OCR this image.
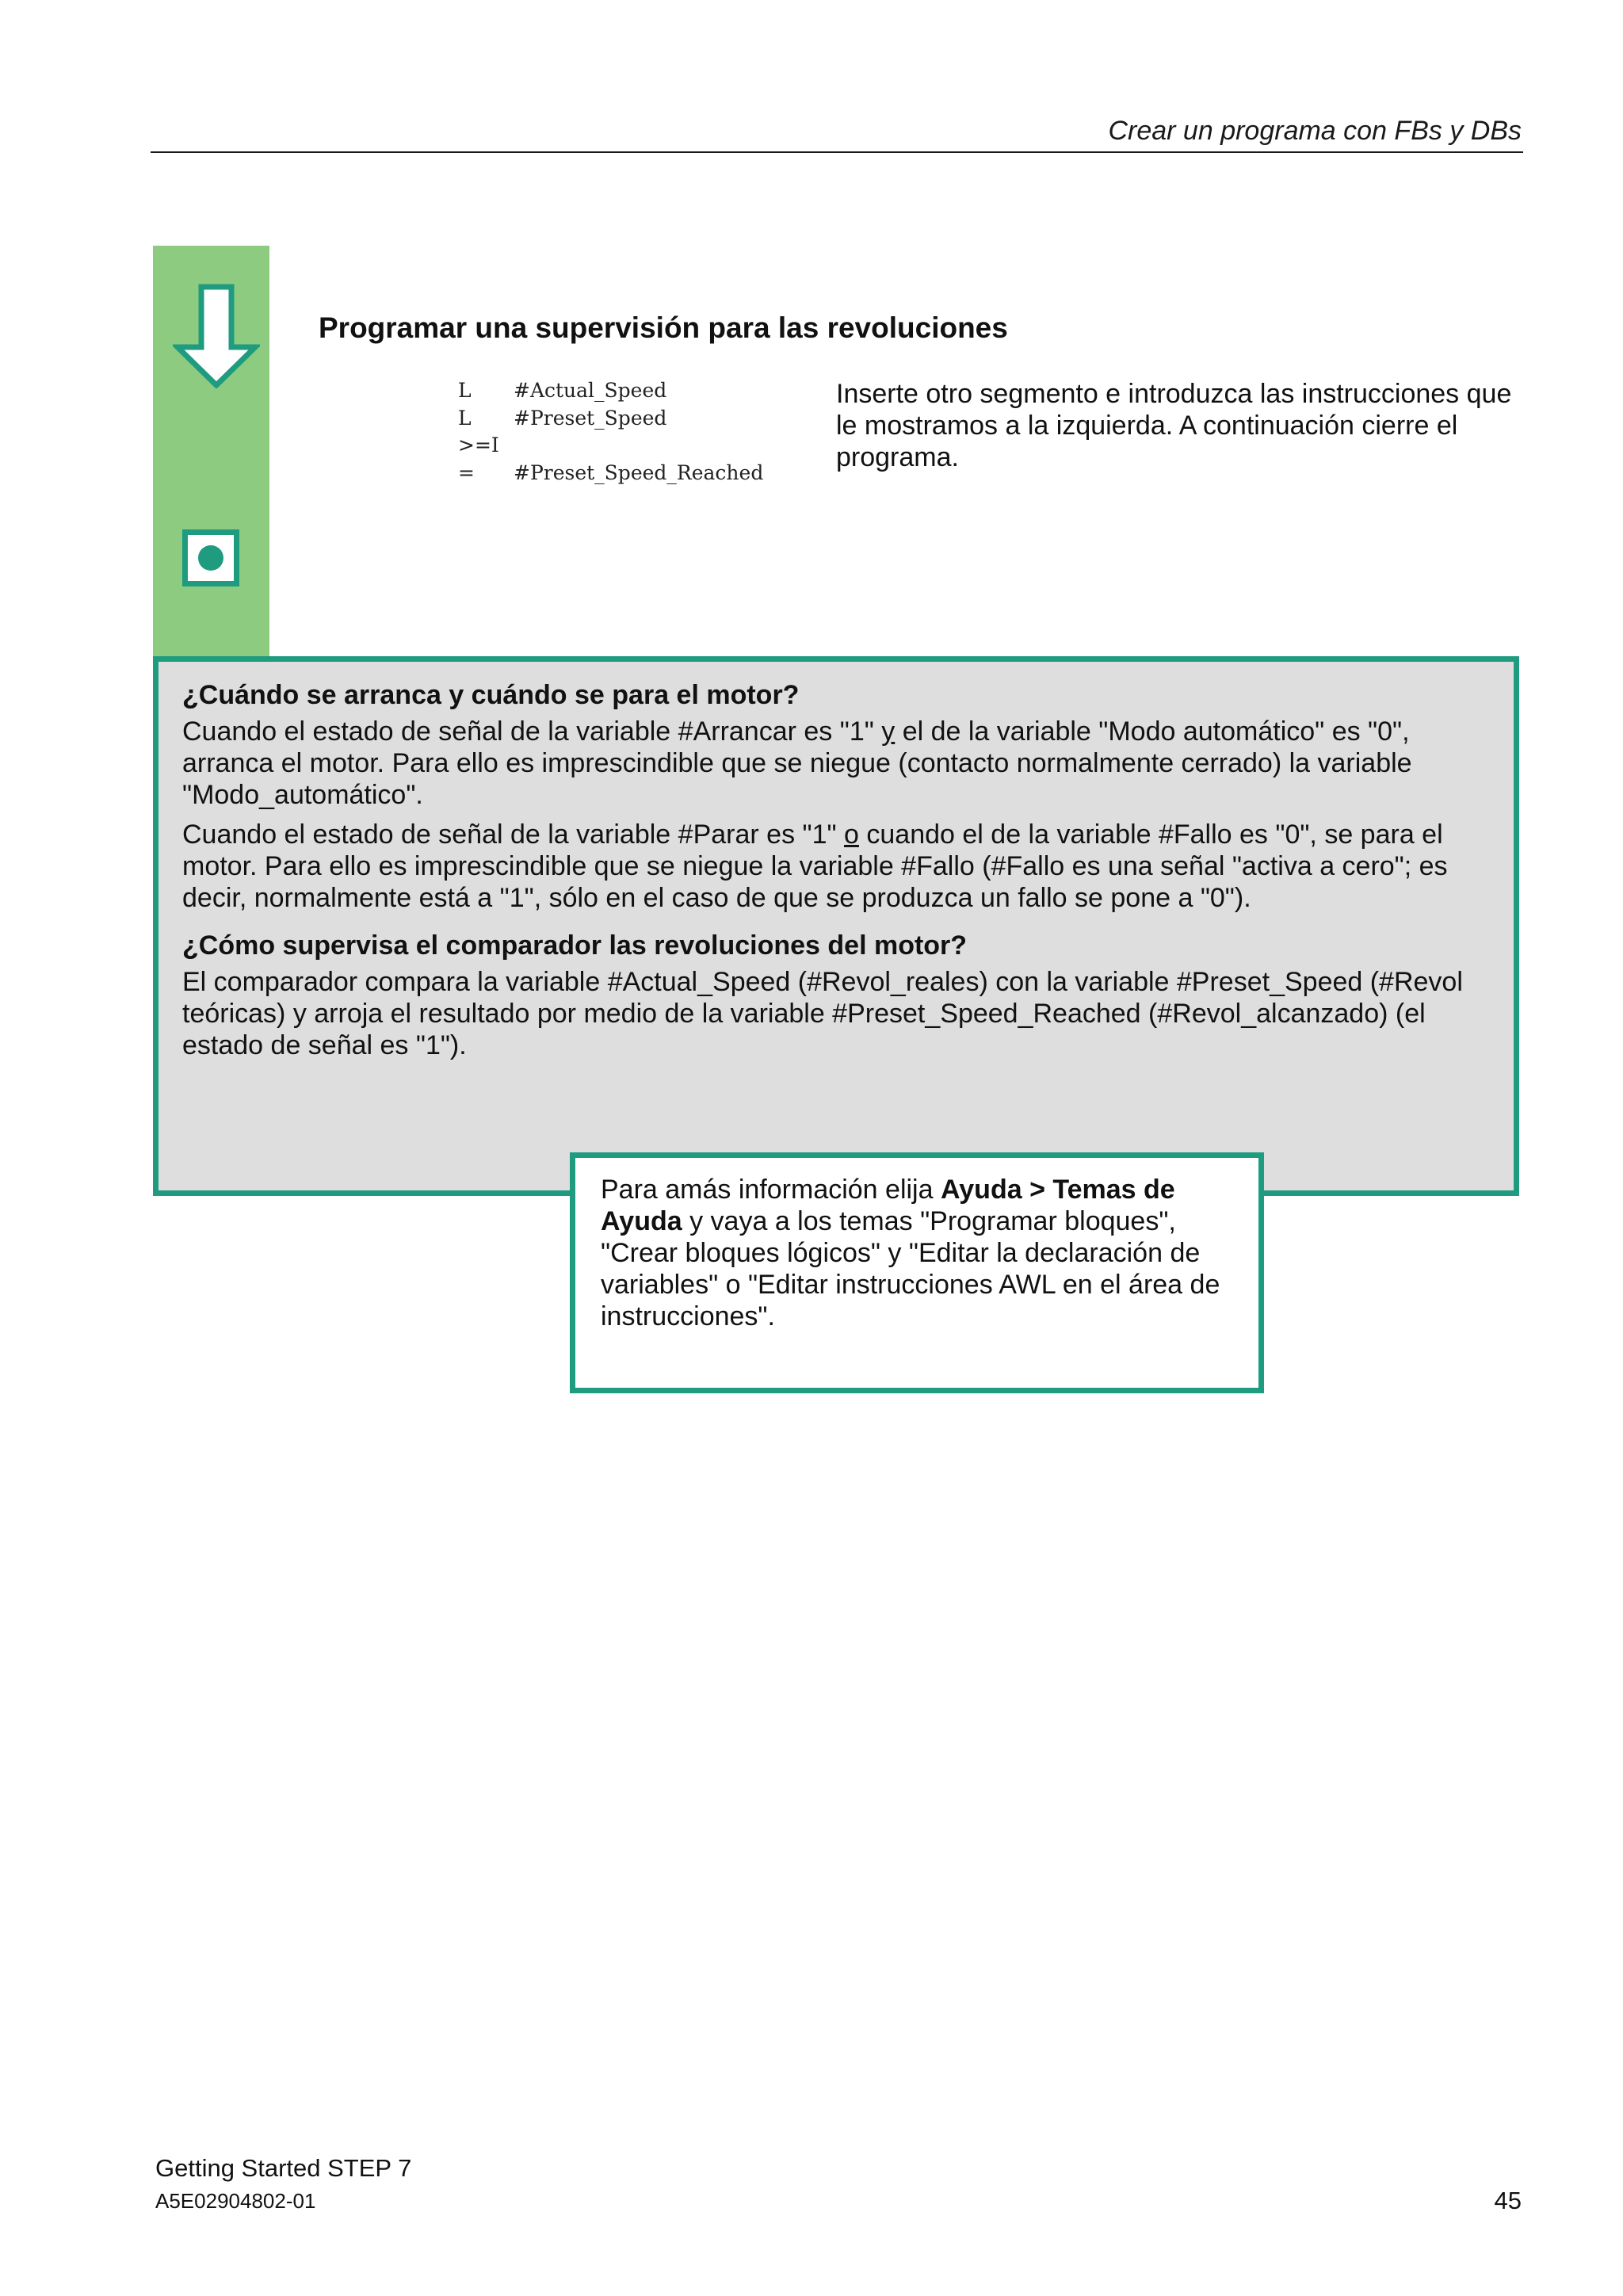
Crear un programa con FBs y DBs
Programar una supervisión para las revoluciones
L #Actual_Speed
L #Preset_Speed
>=I
= #Preset_Speed_Reached
Inserte otro segmento e introduzca las instrucciones que le mostramos a la izquierda. A continuación cierre el programa.
¿Cuándo se arranca y cuándo se para el motor?

Cuando el estado de señal de la variable #Arrancar es "1" y el de la variable "Modo automático" es "0", arranca el motor. Para ello es imprescindible que se niegue (contacto normalmente cerrado) la variable "Modo_automático".

Cuando el estado de señal de la variable #Parar es "1" o cuando el de la variable #Fallo es "0", se para el motor. Para ello es imprescindible que se niegue la variable #Fallo (#Fallo es una señal "activa a cero"; es decir, normalmente está a "1", sólo en el caso de que se produzca un fallo se pone a "0").

¿Cómo supervisa el comparador las revoluciones del motor?

El comparador compara la variable #Actual_Speed (#Revol_reales) con la variable #Preset_Speed (#Revol teóricas) y arroja el resultado por medio de la variable #Preset_Speed_Reached (#Revol_alcanzado) (el estado de señal es "1").

Para amás información elija Ayuda > Temas de Ayuda y vaya a los temas "Programar bloques", "Crear bloques lógicos" y "Editar la declaración de variables" o "Editar instrucciones AWL en el área de instrucciones".
Getting Started STEP 7
A5E02904802-01	45
